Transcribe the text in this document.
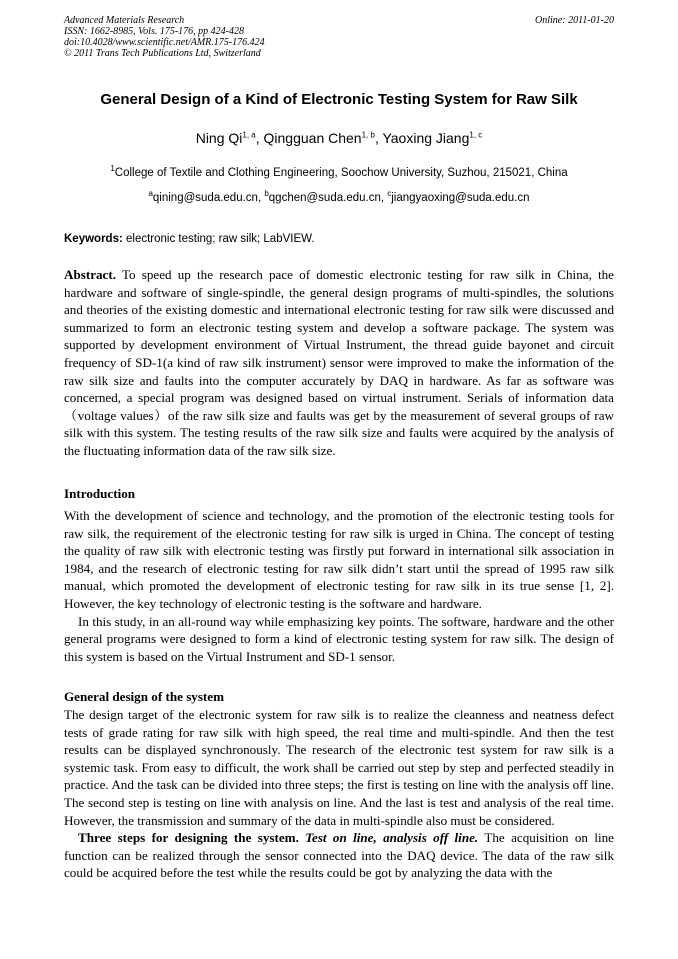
Advanced Materials Research
ISSN: 1662-8985, Vols. 175-176, pp 424-428
doi:10.4028/www.scientific.net/AMR.175-176.424
© 2011 Trans Tech Publications Ltd, Switzerland
Online: 2011-01-20
General Design of a Kind of Electronic Testing System for Raw Silk
Ning Qi$^{1, a}$, Qingguan Chen$^{1, b}$, Yaoxing Jiang$^{1, c}$
$^1$College of Textile and Clothing Engineering, Soochow University, Suzhou, 215021, China
$^a$qining@suda.edu.cn, $^b$qgchen@suda.edu.cn, $^c$jiangyaoxing@suda.edu.cn
Keywords: electronic testing; raw silk; LabVIEW.

Abstract. To speed up the research pace of domestic electronic testing for raw silk in China, the hardware and software of single-spindle, the general design programs of multi-spindles, the solutions and theories of the existing domestic and international electronic testing for raw silk were discussed and summarized to form an electronic testing system and develop a software package. The system was supported by development environment of Virtual Instrument, the thread guide bayonet and circuit frequency of SD-1(a kind of raw silk instrument) sensor were improved to make the information of the raw silk size and faults into the computer accurately by DAQ in hardware. As far as software was concerned, a special program was designed based on virtual instrument. Serials of information data（voltage values）of the raw silk size and faults was get by the measurement of several groups of raw silk with this system. The testing results of the raw silk size and faults were acquired by the analysis of the fluctuating information data of the raw silk size.

Introduction

With the development of science and technology, and the promotion of the electronic testing tools for raw silk, the requirement of the electronic testing for raw silk is urged in China. The concept of testing the quality of raw silk with electronic testing was firstly put forward in international silk association in 1984, and the research of electronic testing for raw silk didn’t start until the spread of 1995 raw silk manual, which promoted the development of electronic testing for raw silk in its true sense [1, 2]. However, the key technology of electronic testing is the software and hardware.

In this study, in an all-round way while emphasizing key points. The software, hardware and the other general programs were designed to form a kind of electronic testing system for raw silk. The design of this system is based on the Virtual Instrument and SD-1 sensor.

General design of the system

The design target of the electronic system for raw silk is to realize the cleanness and neatness defect tests of grade rating for raw silk with high speed, the real time and multi-spindle. And then the test results can be displayed synchronously. The research of the electronic test system for raw silk is a systemic task. From easy to difficult, the work shall be carried out step by step and perfected steadily in practice. And the task can be divided into three steps; the first is testing on line with the analysis off line. The second step is testing on line with analysis on line. And the last is test and analysis of the real time. However, the transmission and summary of the data in multi-spindle also must be considered.

Three steps for designing the system. Test on line, analysis off line. The acquisition on line function can be realized through the sensor connected into the DAQ device. The data of the raw silk could be acquired before the test while the results could be got by analyzing the data with the
